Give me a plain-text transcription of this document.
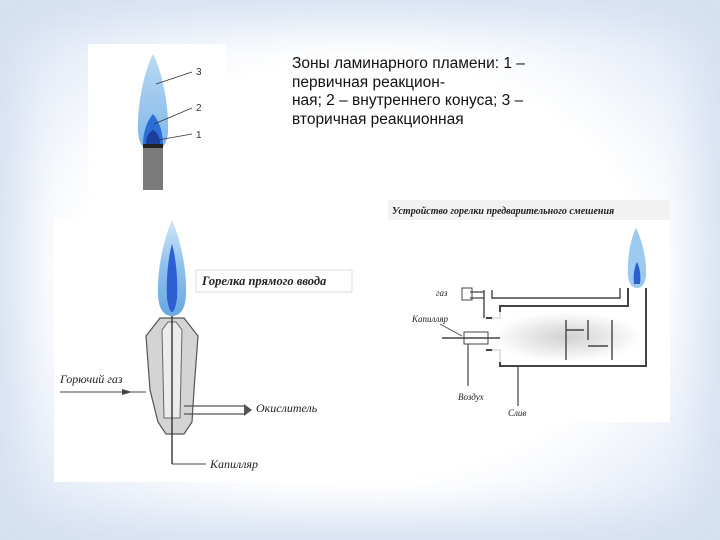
3
2
1
Зоны ламинарного пламени: 1 –
первичная реакцион-
ная; 2 – внутреннего конуса; 3 –
вторичная реакционная
Горелка прямого ввода
Горючий газ
Окислитель
Капилляр
Устройство горелки предварительного смешения
газ
Капилляр
Воздух
Слив
